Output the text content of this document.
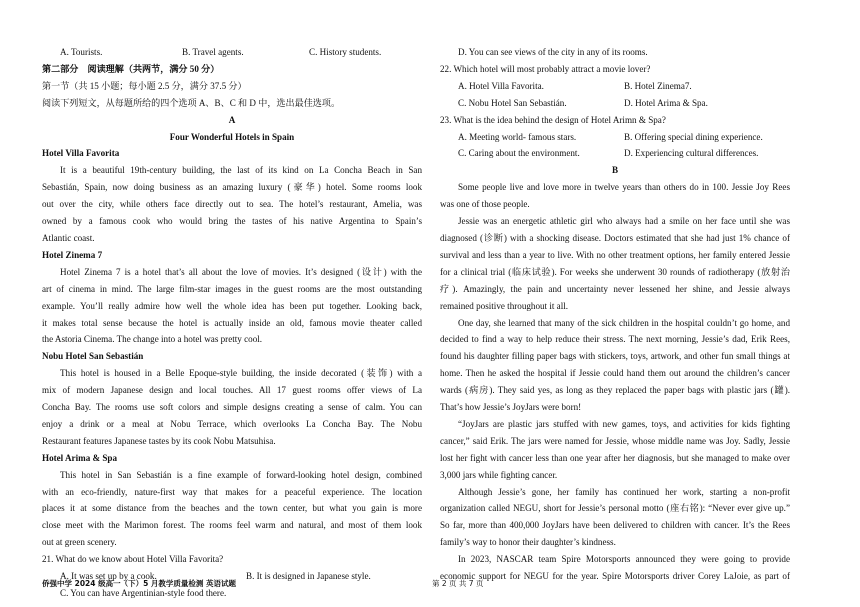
A. Tourists.	B. Travel agents.	C. History students.
第二部分　阅读理解（共两节，满分 50 分）
第一节（共 15 小题；每小题 2.5 分，满分 37.5 分）
阅读下列短文，从每题所给的四个选项 A、B、C 和 D 中，选出最佳选项。
A
Four Wonderful Hotels in Spain
Hotel Villa Favorita
It is a beautiful 19th-century building, the last of its kind on La Concha Beach in San
Sebastián, Spain, now doing business as an amazing luxury (豪华) hotel. Some rooms look
out over the city, while others face directly out to sea. The hotel’s restaurant, Amelia, was
owned by a famous cook who would bring the tastes of his native Argentina to Spain’s
Atlantic coast.
Hotel Zinema 7
Hotel Zinema 7 is a hotel that’s all about the love of movies. It’s designed (设计) with the
art of cinema in mind. The large film-star images in the guest rooms are the most outstanding
example. You’ll really admire how well the whole idea has been put together. Looking back,
it makes total sense because the hotel is actually inside an old, famous movie theater called
the Astoria Cinema. The change into a hotel was pretty cool.
Nobu Hotel San Sebastián
This hotel is housed in a Belle Epoque-style building, the inside decorated (装饰) with a
mix of modern Japanese design and local touches. All 17 guest rooms offer views of La
Concha Bay. The rooms use soft colors and simple designs creating a sense of calm. You can
enjoy a drink or a meal at Nobu Terrace, which overlooks La Concha Bay. The Nobu
Restaurant features Japanese tastes by its cook Nobu Matsuhisa.
Hotel Arima & Spa
This hotel in San Sebastián is a fine example of forward-looking hotel design, combined
with an eco-friendly, nature-first way that makes for a peaceful experience. The location
places it at some distance from the beaches and the town center, but what you gain is more
close meet with the Marimon forest. The rooms feel warm and natural, and most of them look
out at green scenery.
21. What do we know about Hotel Villa Favorita?
A. It was set up by a cook.	B. It is designed in Japanese style.
C. You can have Argentinian-style food there.
D. You can see views of the city in any of its rooms.
22. Which hotel will most probably attract a movie lover?
A. Hotel Villa Favorita.	B. Hotel Zinema7.
C. Nobu Hotel San Sebastián.	D. Hotel Arima & Spa.
23. What is the idea behind the design of Hotel Arimn & Spa?
A. Meeting world- famous stars.	B. Offering special dining experience.
C. Caring about the environment.	D. Experiencing cultural differences.
B
Some people live and love more in twelve years than others do in 100. Jessie Joy Rees
was one of those people.
Jessie was an energetic athletic girl who always had a smile on her face until she was
diagnosed (诊断) with a shocking disease. Doctors estimated that she had just 1% chance of
survival and less than a year to live. With no other treatment options, her family entered Jessie
for a clinical trial (临床试验). For weeks she underwent 30 rounds of radiotherapy (放射治
疗). Amazingly, the pain and uncertainty never lessened her shine, and Jessie always
remained positive throughout it all.
One day, she learned that many of the sick children in the hospital couldn’t go home, and
decided to find a way to help reduce their stress. The next morning, Jessie’s dad, Erik Rees,
found his daughter filling paper bags with stickers, toys, artwork, and other fun small things at
home. Then he asked the hospital if Jessie could hand them out around the children’s cancer
wards (病房). They said yes, as long as they replaced the paper bags with plastic jars (罐).
That’s how Jessie’s JoyJars were born!
“JoyJars are plastic jars stuffed with new games, toys, and activities for kids fighting
cancer,” said Erik. The jars were named for Jessie, whose middle name was Joy. Sadly, Jessie
lost her fight with cancer less than one year after her diagnosis, but she managed to make over
3,000 jars while fighting cancer.
Although Jessie’s gone, her family has continued her work, starting a non-profit
organization called NEGU, short for Jessie’s personal motto (座右铭): “Never ever give up.”
So far, more than 400,000 JoyJars have been delivered to children with cancer. It’s the Rees
family’s way to honor their daughter’s kindness.
In 2023, NASCAR team Spire Motorsports announced they were going to provide
economic support for NEGU for the year. Spire Motorsports driver Corey LaJoie, as part of
侨强中学 2024 级高一（下）5 月教学质量检测 英语试题	第 2 页 共 7 页
